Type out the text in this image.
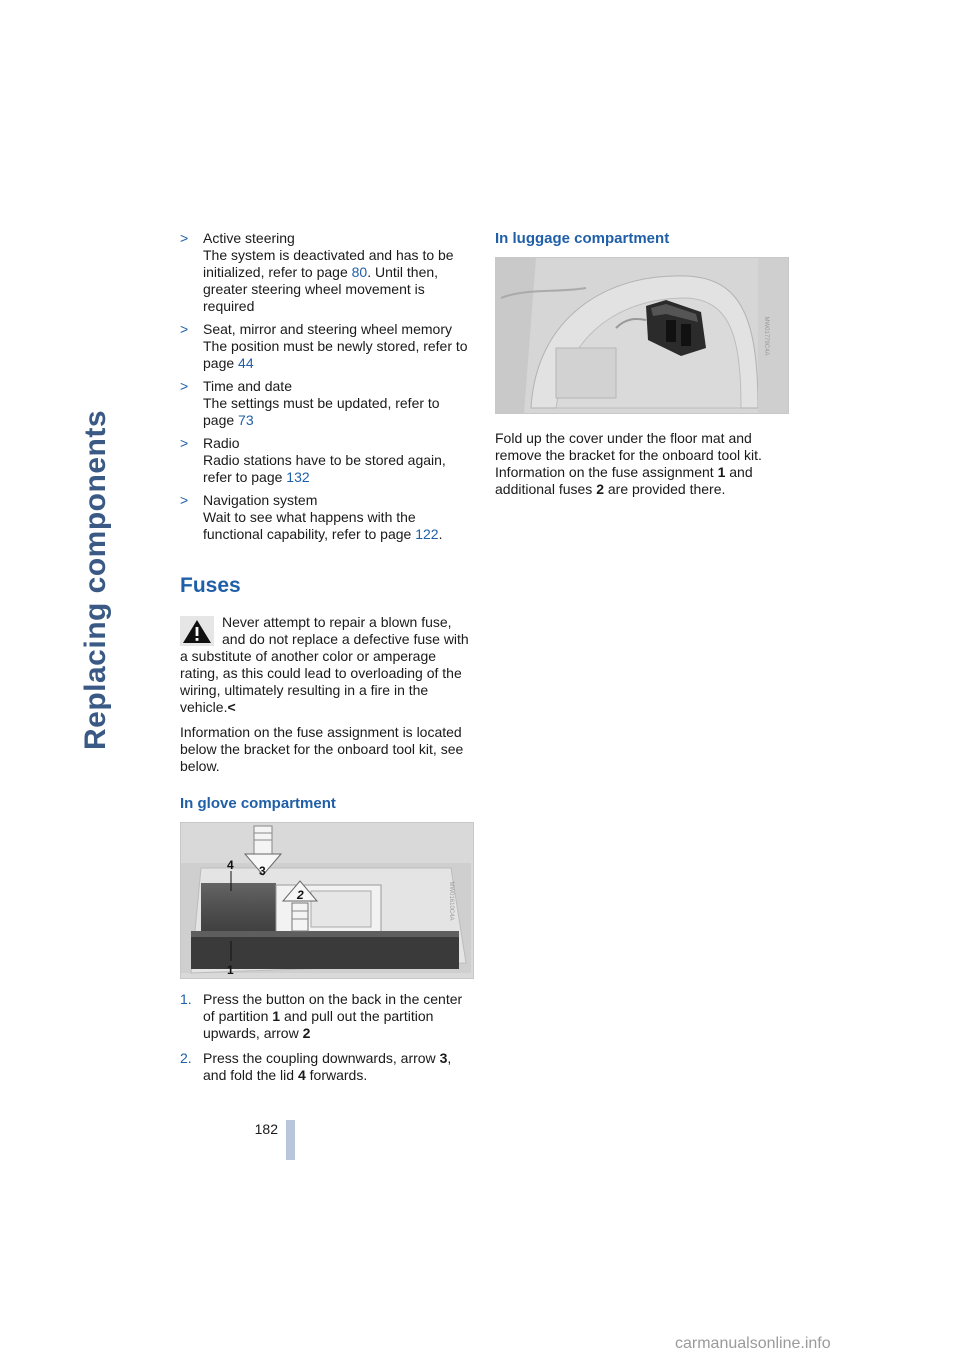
Replacing components
>	Active steering

The system is deactivated and has to be initialized, refer to page 80. Until then, greater steering wheel movement is required

>	Seat, mirror and steering wheel memory

The position must be newly stored, refer to page 44

>	Time and date

The settings must be updated, refer to page 73

>	Radio

Radio stations have to be stored again, refer to page 132

>	Navigation system

Wait to see what happens with the functional capability, refer to page 122.

Fuses

Never attempt to repair a blown fuse, and do not replace a defective fuse with a substitute of another color or amperage rating, as this could lead to overloading of the wiring, ultimately resulting in a fire in the vehicle.<

Information on the fuse assignment is located below the bracket for the onboard tool kit, see below.

In glove compartment
4 3
2
1
MW01610C4A
1. Press the button on the back in the center of partition 1 and pull out the partition upwards, arrow 2
2. Press the coupling downwards, arrow 3, and fold the lid 4 forwards.
In luggage compartment
MW01779C4A

Fold up the cover under the floor mat and remove the bracket for the onboard tool kit. Information on the fuse assignment 1 and additional fuses 2 are provided there.

182
carmanualsonline.info
